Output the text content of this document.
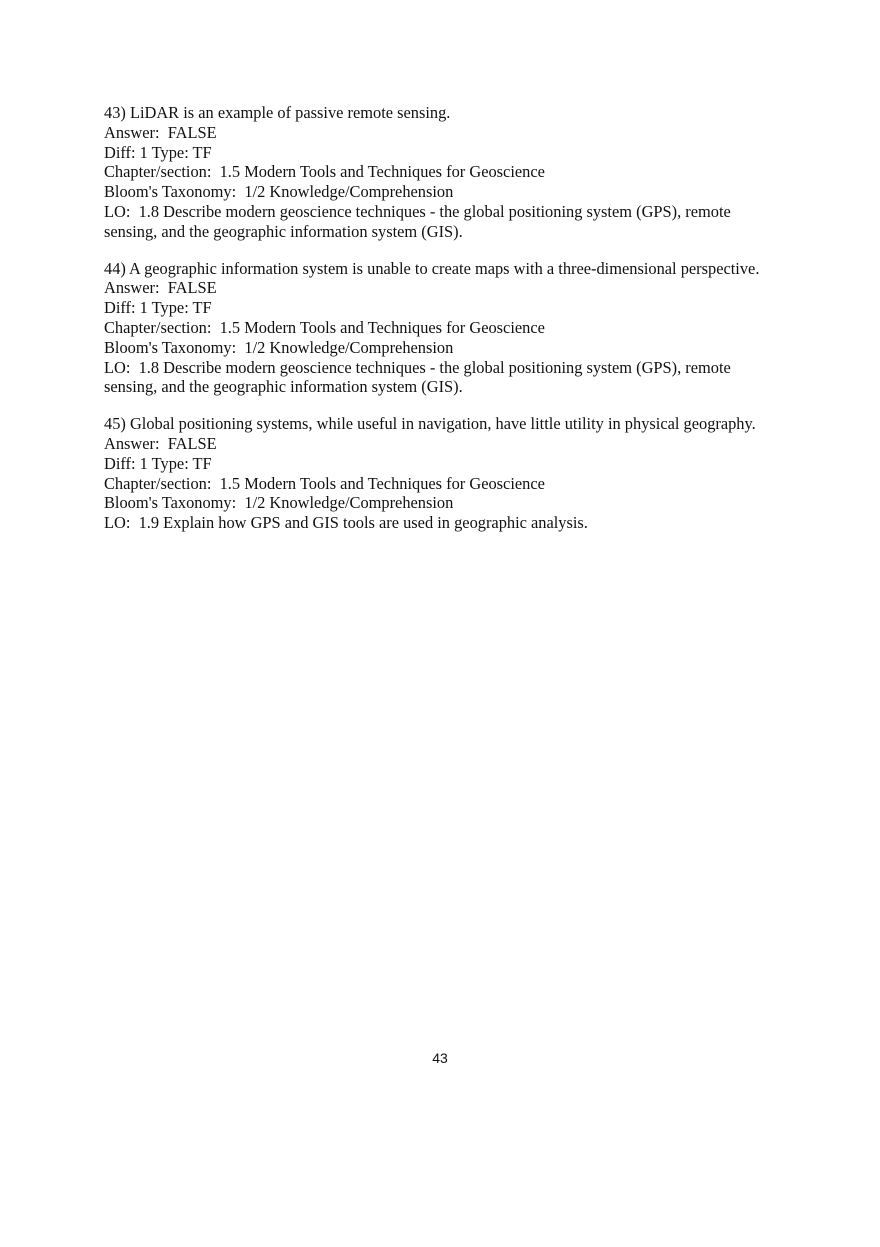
43) LiDAR is an example of passive remote sensing.
Answer:  FALSE
Diff: 1 Type: TF
Chapter/section:  1.5 Modern Tools and Techniques for Geoscience
Bloom's Taxonomy:  1/2 Knowledge/Comprehension
LO:  1.8 Describe modern geoscience techniques - the global positioning system (GPS), remote sensing, and the geographic information system (GIS).
44) A geographic information system is unable to create maps with a three-dimensional perspective.
Answer:  FALSE
Diff: 1 Type: TF
Chapter/section:  1.5 Modern Tools and Techniques for Geoscience
Bloom's Taxonomy:  1/2 Knowledge/Comprehension
LO:  1.8 Describe modern geoscience techniques - the global positioning system (GPS), remote sensing, and the geographic information system (GIS).
45) Global positioning systems, while useful in navigation, have little utility in physical geography.
Answer:  FALSE
Diff: 1 Type: TF
Chapter/section:  1.5 Modern Tools and Techniques for Geoscience
Bloom's Taxonomy:  1/2 Knowledge/Comprehension
LO:  1.9 Explain how GPS and GIS tools are used in geographic analysis.
43
